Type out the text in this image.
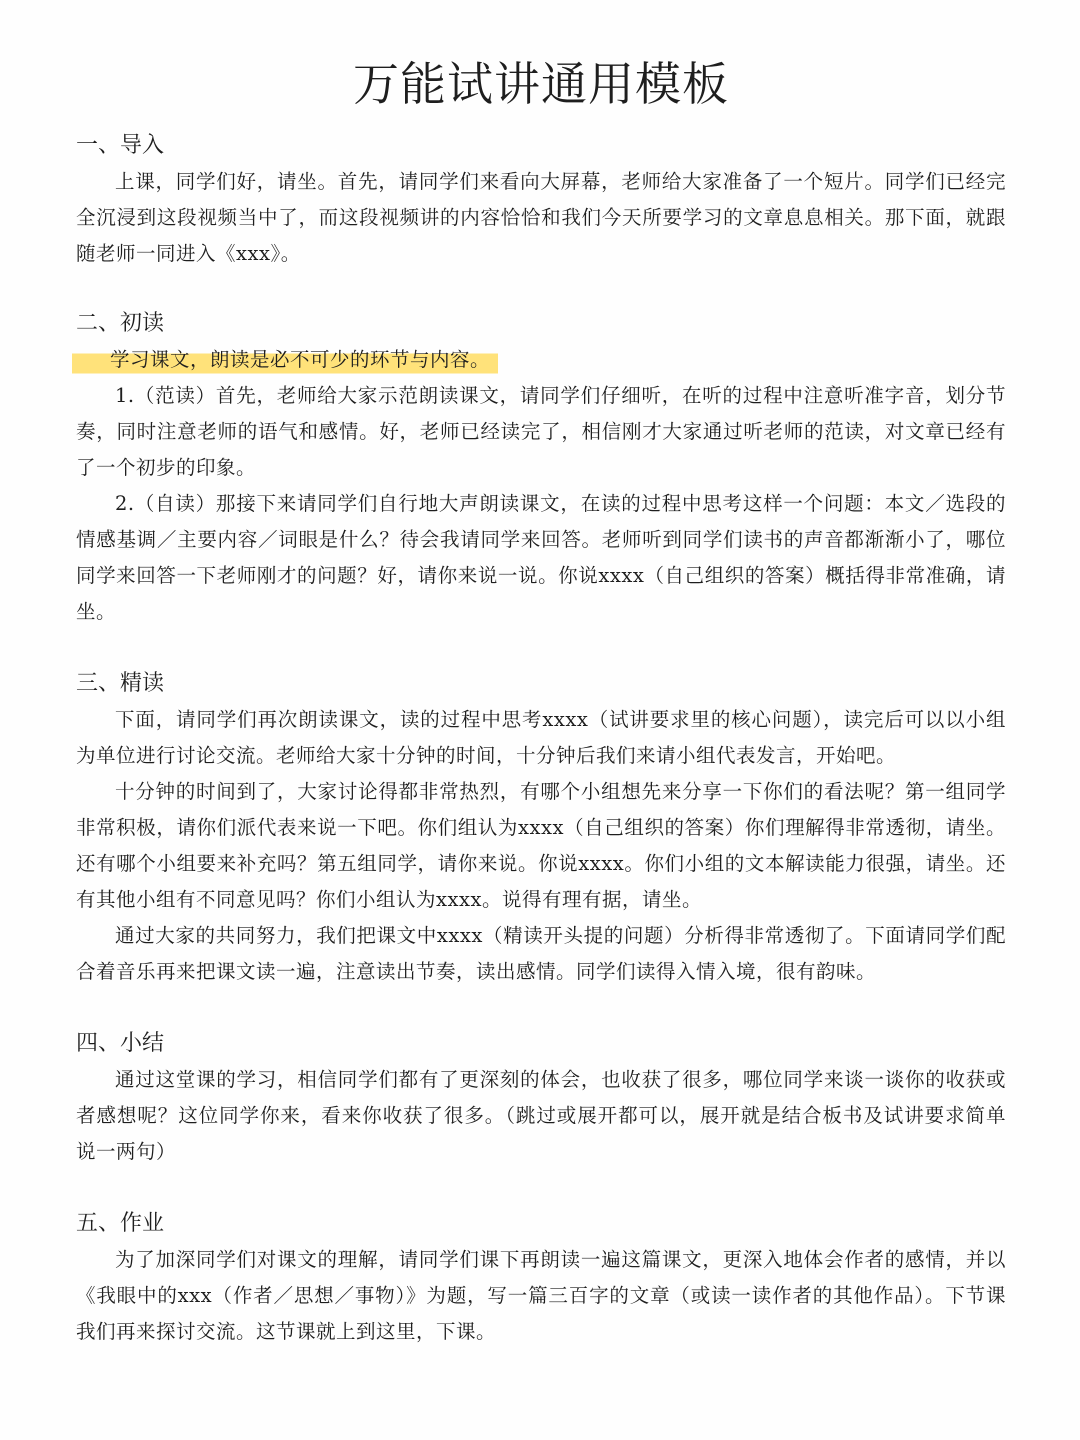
万能试讲通用模板
一、导入

上课，同学们好，请坐。首先，请同学们来看向大屏幕，老师给大家准备了一个短片。同学们已经完全沉浸到这段视频当中了，而这段视频讲的内容恰恰和我们今天所要学习的文章息息相关。那下面，就跟随老师一同进入《xxx》。

二、初读
学习课文，朗读是必不可少的环节与内容。

1.（范读）首先，老师给大家示范朗读课文，请同学们仔细听，在听的过程中注意听准字音，划分节奏，同时注意老师的语气和感情。好，老师已经读完了，相信刚才大家通过听老师的范读，对文章已经有了一个初步的印象。

2.（自读）那接下来请同学们自行地大声朗读课文，在读的过程中思考这样一个问题：本文／选段的情感基调／主要内容／词眼是什么？待会我请同学来回答。老师听到同学们读书的声音都渐渐小了，哪位同学来回答一下老师刚才的问题？好，请你来说一说。你说xxxx（自己组织的答案）概括得非常准确，请坐。

三、精读

下面，请同学们再次朗读课文，读的过程中思考xxxx（试讲要求里的核心问题），读完后可以以小组为单位进行讨论交流。老师给大家十分钟的时间，十分钟后我们来请小组代表发言，开始吧。

十分钟的时间到了，大家讨论得都非常热烈，有哪个小组想先来分享一下你们的看法呢？第一组同学非常积极，请你们派代表来说一下吧。你们组认为xxxx（自己组织的答案）你们理解得非常透彻，请坐。还有哪个小组要来补充吗？第五组同学，请你来说。你说xxxx。你们小组的文本解读能力很强，请坐。还有其他小组有不同意见吗？你们小组认为xxxx。说得有理有据，请坐。

通过大家的共同努力，我们把课文中xxxx（精读开头提的问题）分析得非常透彻了。下面请同学们配合着音乐再来把课文读一遍，注意读出节奏，读出感情。同学们读得入情入境，很有韵味。

四、小结

通过这堂课的学习，相信同学们都有了更深刻的体会，也收获了很多，哪位同学来谈一谈你的收获或者感想呢？这位同学你来，看来你收获了很多。（跳过或展开都可以，展开就是结合板书及试讲要求简单说一两句）

五、作业

为了加深同学们对课文的理解，请同学们课下再朗读一遍这篇课文，更深入地体会作者的感情，并以《我眼中的xxx（作者／思想／事物）》为题，写一篇三百字的文章（或读一读作者的其他作品）。下节课我们再来探讨交流。这节课就上到这里，下课。
